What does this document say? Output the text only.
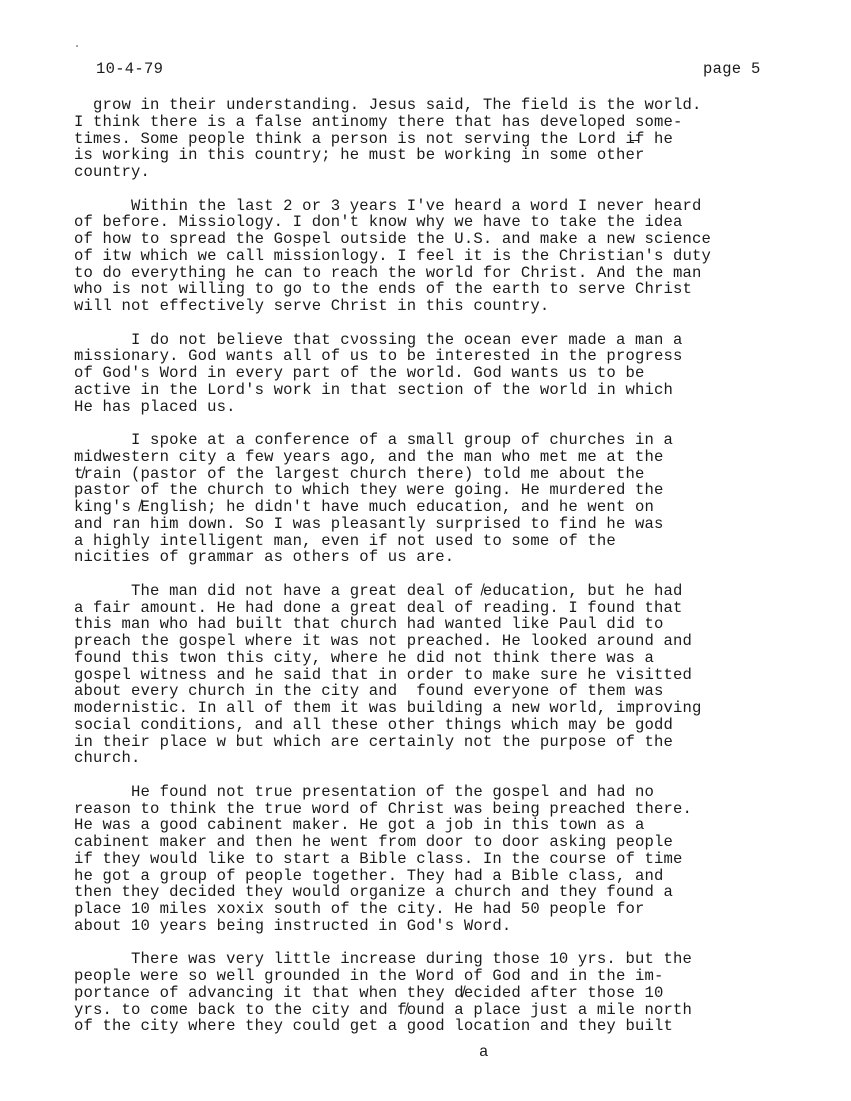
10-4-79	page 5
grow in their understanding. Jesus said, The field is the world.
I think there is a false antinomy there that has developed some-
times. Some people think a person is not serving the Lord i̶f he
is working in this country; he must be working in some other
country.
Within the last 2 or 3 years I've heard a word I never heard
of before. Missiology. I don't know why we have to take the idea
of how to spread the Gospel outside the U.S. and make a new science
of itw which we call missionlogy. I feel it is the Christian's duty
to do everything he can to reach the world for Christ. And the man
who is not willing to go to the ends of the earth to serve Christ
will not effectively serve Christ in this country.
I do not believe that cνossing the ocean ever made a man a
missionary. God wants all of us to be interested in the progress
of God's Word in every part of the world. God wants us to be
active in the Lord's work in that section of the world in which
He has placed us.
I spoke at a conference of a small group of churches in a
midwestern city a few years ago, and the man who met me at the
t̸rain (pastor of the largest church there) told me about the
pastor of the church to which they were going. He murdered the
king's ̸English; he didn't have much education, and he went on
and ran him down. So I was pleasantly surprised to find he was
a highly intelligent man, even if not used to some of the
nicities of grammar as others of us are.
The man did not have a great deal of ̸education, but he had
a fair amount. He had done a great deal of reading. I found that
this man who had built that church had wanted like Paul did to
preach the gospel where it was not preached. He looked around and
found this twon this city, where he did not think there was a
gospel witness and he said that in order to make sure he visitted
about every church in the city and  found everyone of them was
modernistic. In all of them it was building a new world, improving
social conditions, and all these other things which may be godd
in their place w but which are certainly not the purpose of the
church.
He found not true presentation of the gospel and had no
reason to think the true word of Christ was being preached there.
He was a good cabinent maker. He got a job in this town as a
cabinent maker and then he went from door to door asking people
if they would like to start a Bible class. In the course of time
he got a group of people together. They had a Bible class, and
then they decided they would organize a church and they found a
place 10 miles xoxix south of the city. He had 50 people for
about 10 years being instructed in God's Word.
There was very little increase during those 10 yrs. but the
people were so well grounded in the Word of God and in the im-
portance of advancing it that when they d̸ecided after those 10
yrs. to come back to the city and f̸ound a place just a mile north
of the city where they could get a good location and they built
a
